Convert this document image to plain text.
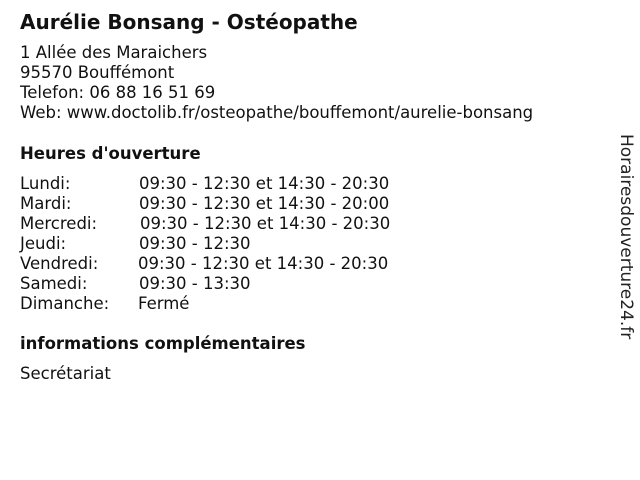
Aurélie Bonsang - Ostéopathe
1 Allée des Maraichers
95570 Bouffémont
Telefon: 06 88 16 51 69
Web: www.doctolib.fr/osteopathe/bouffemont/aurelie-bonsang
Heures d'ouverture
Lundi:	09:30 - 12:30 et 14:30 - 20:30
Mardi:	09:30 - 12:30 et 14:30 - 20:00
Mercredi:	09:30 - 12:30 et 14:30 - 20:30
Jeudi:	09:30 - 12:30
Vendredi: 09:30 - 12:30 et 14:30 - 20:30
Samedi:	09:30 - 13:30
Dimanche: Fermé
informations complémentaires
Secrétariat
Horairesdouverture24.fr
